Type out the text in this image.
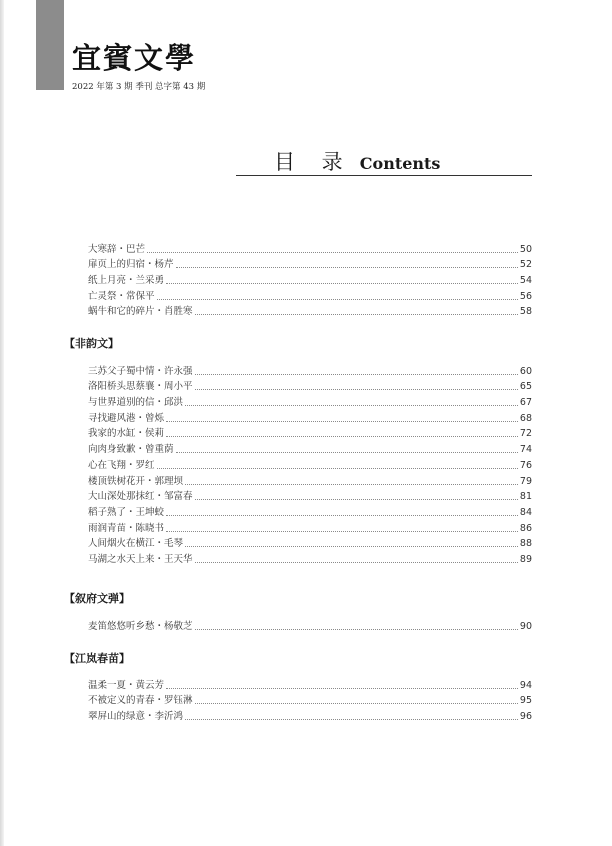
宜賓文學
2022 年第 3 期 季刊 总字第 43 期
目 录 Contents
大寒辞・巴芒	50
扉页上的归宿・杨芹	52
纸上月亮・兰采勇	54
亡灵祭・常保平	56
蜗牛和它的碎片・肖胜寒	58
【非韵文】
三苏父子蜀中情・许永强	60
洛阳桥头思蔡襄・周小平	65
与世界道别的信・邱洪	67
寻找避风港・曾烁	68
我家的水缸・侯莉	72
向肉身致歉・曾重荫	74
心在飞翔・罗红	76
楼顶铁树花开・郭理坝	79
大山深处那抹红・邹富春	81
稻子熟了・王坤蛟	84
雨润青苗・陈晓书	86
人间烟火在横江・毛琴	88
马湖之水天上来・王天华	89
【叙府文弹】
麦笛悠悠听乡愁・杨敬芝	90
【江岚春苗】
温柔一夏・黄云芳	94
不被定义的青春・罗钰淋	95
翠屏山的绿意・李沂鸿	96
